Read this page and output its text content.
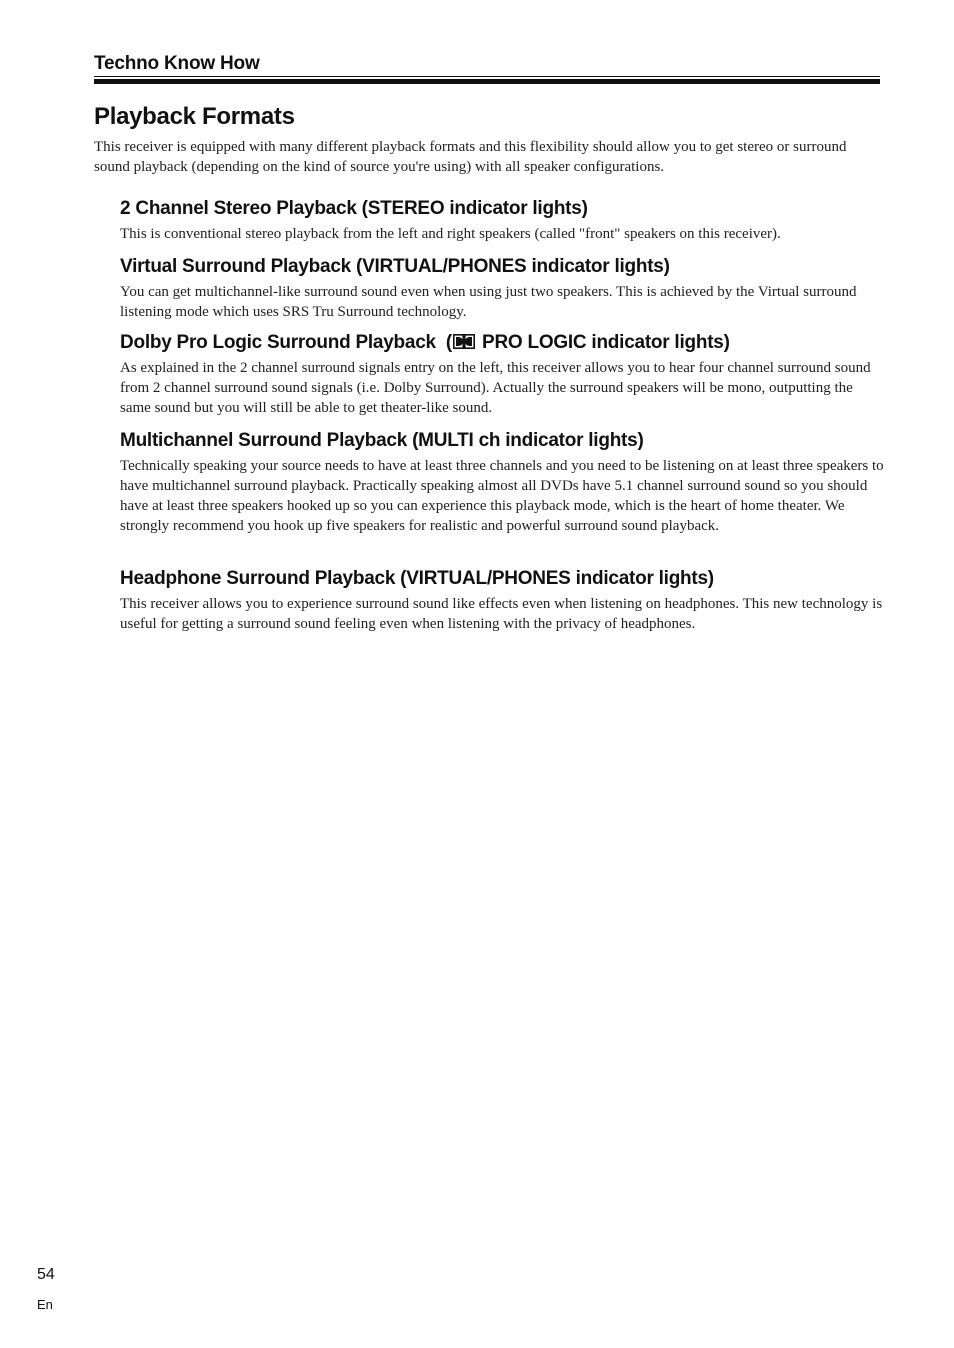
Techno Know How
Playback Formats

This receiver is equipped with many different playback formats and this flexibility should allow you to get stereo or surround sound playback (depending on the kind of source you're using) with all speaker configurations.

2 Channel Stereo Playback (STEREO indicator lights)

This is conventional stereo playback from the left and right speakers (called "front" speakers on this receiver).

Virtual Surround Playback (VIRTUAL/PHONES indicator lights)

You can get multichannel-like surround sound even when using just two speakers. This is achieved by the Virtual surround listening mode which uses SRS Tru Surround technology.

Dolby Pro Logic Surround Playback  (
PRO LOGIC indicator lights)

As explained in the 2 channel surround signals entry on the left, this receiver allows you to hear four channel surround sound from 2 channel surround sound signals (i.e. Dolby Surround). Actually the surround speakers will be mono, outputting the same sound but you will still be able to get theater-like sound.

Multichannel Surround Playback (MULTI ch indicator lights)

Technically speaking your source needs to have at least three channels and you need to be listening on at least three speakers to have multichannel surround playback. Practically speaking almost all DVDs have 5.1 channel surround sound so you should have at least three speakers hooked up so you can experience this playback mode, which is the heart of home theater. We strongly recommend you hook up five speakers for realistic and powerful surround sound playback.

Headphone Surround Playback (VIRTUAL/PHONES indicator lights)

This receiver allows you to experience surround sound like effects even when listening on headphones. This new technology is useful for getting a surround sound feeling even when listening with the privacy of headphones.

54
En
